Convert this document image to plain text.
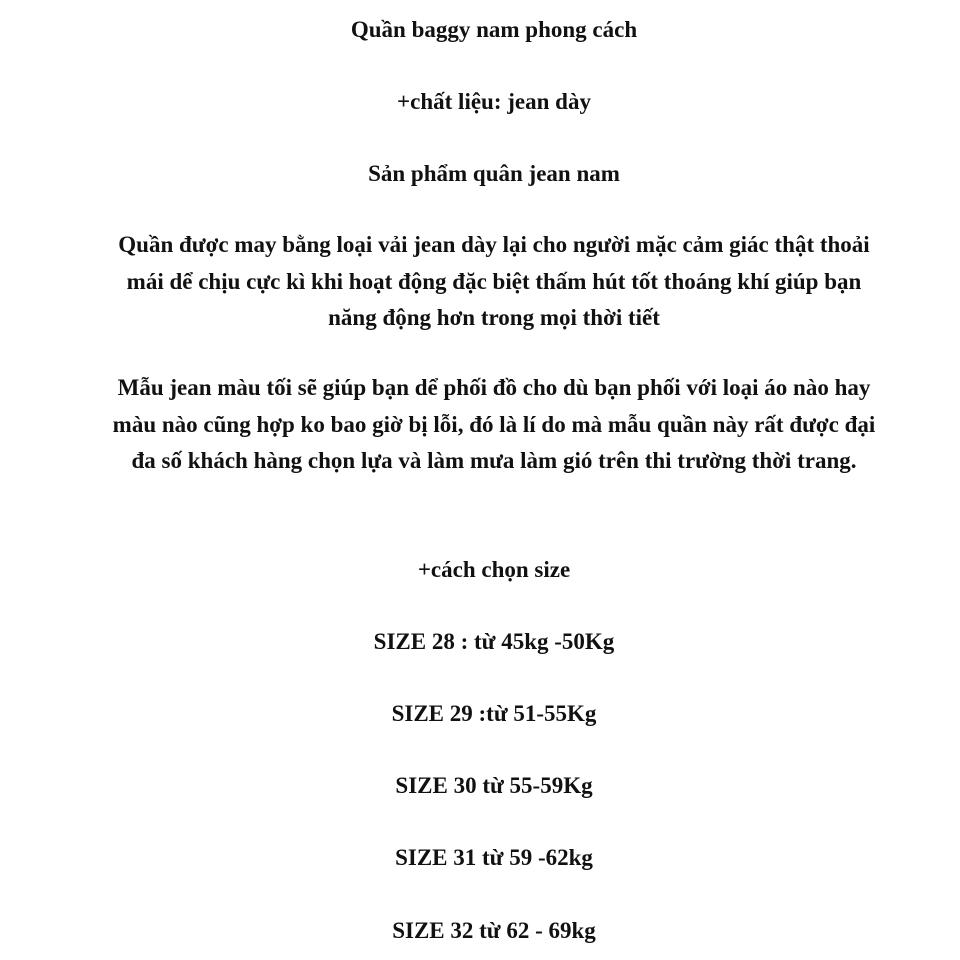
Quần baggy nam phong cách
+chất liệu: jean dày
Sản phẩm quân jean nam
Quần được may bằng loại vải jean dày lại cho người mặc cảm giác thật thoải mái dể chịu cực kì khi hoạt động đặc biệt thấm hút tốt thoáng khí giúp bạn năng động hơn trong mọi thời tiết
Mẫu jean màu tối sẽ giúp bạn dể phối đồ cho dù bạn phối với loại áo nào hay màu nào cũng hợp ko bao giờ bị lỗi, đó là lí do mà mẫu quần này rất được đại đa số khách hàng chọn lựa và làm mưa làm gió trên thi trường thời trang.
+cách chọn size
SIZE 28 : từ 45kg -50Kg
SIZE 29 :từ 51-55Kg
SIZE 30 từ 55-59Kg
SIZE 31 từ 59 -62kg
SIZE 32 từ 62 - 69kg
